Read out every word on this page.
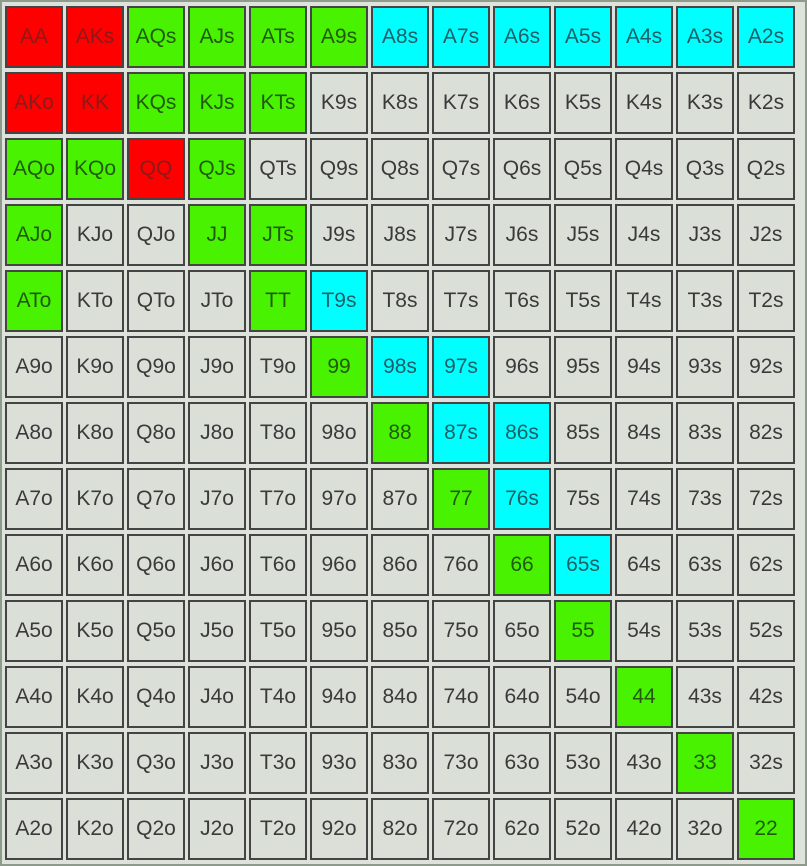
AA	AKs	AQs	AJs	ATs	A9s	A8s	A7s	A6s	A5s	A4s	A3s	A2s
AKo	KK	KQs	KJs	KTs	K9s	K8s	K7s	K6s	K5s	K4s	K3s	K2s
AQo KQo	QQ	QJs	QTs	Q9s	Q8s	Q7s	Q6s	Q5s	Q4s	Q3s	Q2s
AJo	KJo	QJo	JJ	JTs	J9s	J8s	J7s	J6s	J5s	J4s	J3s	J2s
ATo	KTo	QTo	JTo	TT	T9s	T8s	T7s	T6s	T5s	T4s	T3s	T2s
A9o	K9o	Q9o	J9o	T9o	99	98s	97s	96s	95s	94s	93s	92s
A8o	K8o	Q8o	J8o	T8o	98o	88	87s	86s	85s	84s	83s	82s
A7o	K7o	Q7o	J7o	T7o	97o	87o	77	76s	75s	74s	73s	72s
A6o	K6o	Q6o	J6o	T6o	96o	86o	76o	66	65s	64s	63s	62s
A5o	K5o	Q5o	J5o	T5o	95o	85o	75o	65o	55	54s	53s	52s
A4o	K4o	Q4o	J4o	T4o	94o	84o	74o	64o	54o	44	43s	42s
A3o	K3o	Q3o	J3o	T3o	93o	83o	73o	63o	53o	43o	33	32s
A2o	K2o	Q2o	J2o	T2o	92o	82o	72o	62o	52o	42o	32o	22
